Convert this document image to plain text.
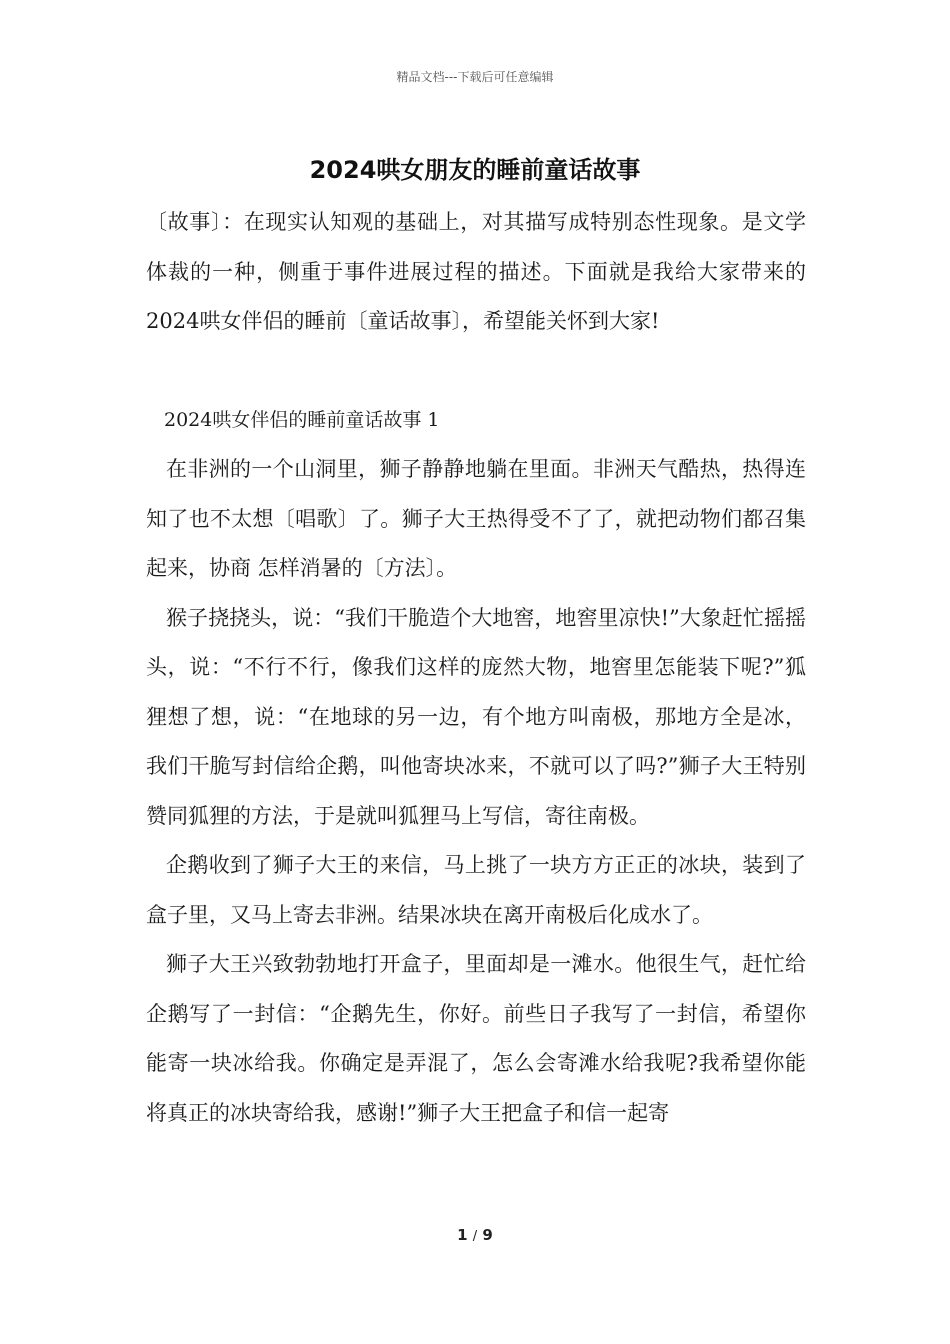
精品文档---下载后可任意编辑
2024哄女朋友的睡前童话故事

〔故事〕：在现实认知观的基础上，对其描写成特别态性现象。是文学体裁的一种，侧重于事件进展过程的描述。下面就是我给大家带来的2024哄女伴侣的睡前〔童话故事〕，希望能关怀到大家!

2024哄女伴侣的睡前童话故事 1

在非洲的一个山洞里，狮子静静地躺在里面。非洲天气酷热，热得连知了也不太想〔唱歌〕了。狮子大王热得受不了了，就把动物们都召集起来，协商 怎样消暑的〔方法〕。

猴子挠挠头，说：“我们干脆造个大地窖，地窖里凉快!”大象赶忙摇摇头，说：“不行不行，像我们这样的庞然大物，地窖里怎能装下呢?”狐狸想了想，说：“在地球的另一边，有个地方叫南极，那地方全是冰，我们干脆写封信给企鹅，叫他寄块冰来，不就可以了吗?”狮子大王特别赞同狐狸的方法，于是就叫狐狸马上写信，寄往南极。

企鹅收到了狮子大王的来信，马上挑了一块方方正正的冰块，装到了盒子里，又马上寄去非洲。结果冰块在离开南极后化成水了。

狮子大王兴致勃勃地打开盒子，里面却是一滩水。他很生气，赶忙给企鹅写了一封信：“企鹅先生，你好。前些日子我写了一封信，希望你能寄一块冰给我。你确定是弄混了，怎么会寄滩水给我呢?我希望你能将真正的冰块寄给我，感谢!”狮子大王把盒子和信一起寄

1 / 9
